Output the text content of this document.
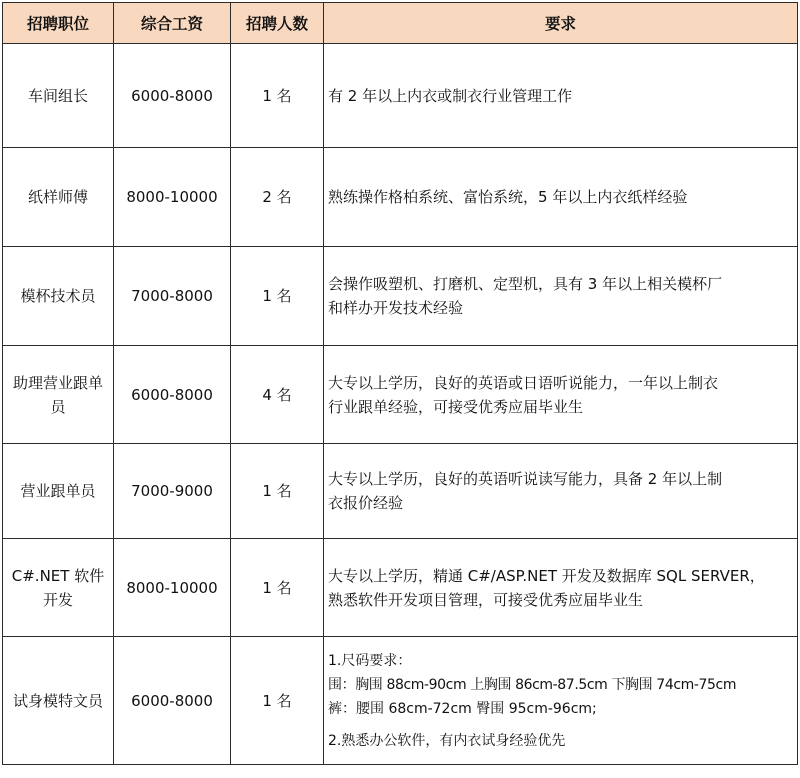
招聘职位	综合工资	招聘人数	要求
车间组长	6000-8000	1 名	有 2 年以上内衣或制衣行业管理工作

纸样师傅	8000-10000	2 名	熟练操作格柏系统、富怡系统，5 年以上内衣纸样经验

模杯技术员	7000-8000	1 名	会操作吸塑机、打磨机、定型机，具有 3 年以上相关模杯厂
和样办开发技术经验

助理营业跟单员	6000-8000	4 名	大专以上学历，良好的英语或日语听说能力，一年以上制衣
行业跟单经验，可接受优秀应届毕业生

营业跟单员	7000-9000	1 名	大专以上学历，良好的英语听说读写能力，具备 2 年以上制
衣报价经验

C#.NET 软件开发	8000-10000	1 名	大专以上学历，精通 C#/ASP.NET 开发及数据库 SQL SERVER，
熟悉软件开发项目管理，可接受优秀应届毕业生

试身模特文员	6000-8000	1 名	1.尺码要求：
围：胸围 88cm-90cm 上胸围 86cm-87.5cm 下胸围 74cm-75cm
裤：腰围 68cm-72cm 臀围 95cm-96cm;
2.熟悉办公软件，有内衣试身经验优先
